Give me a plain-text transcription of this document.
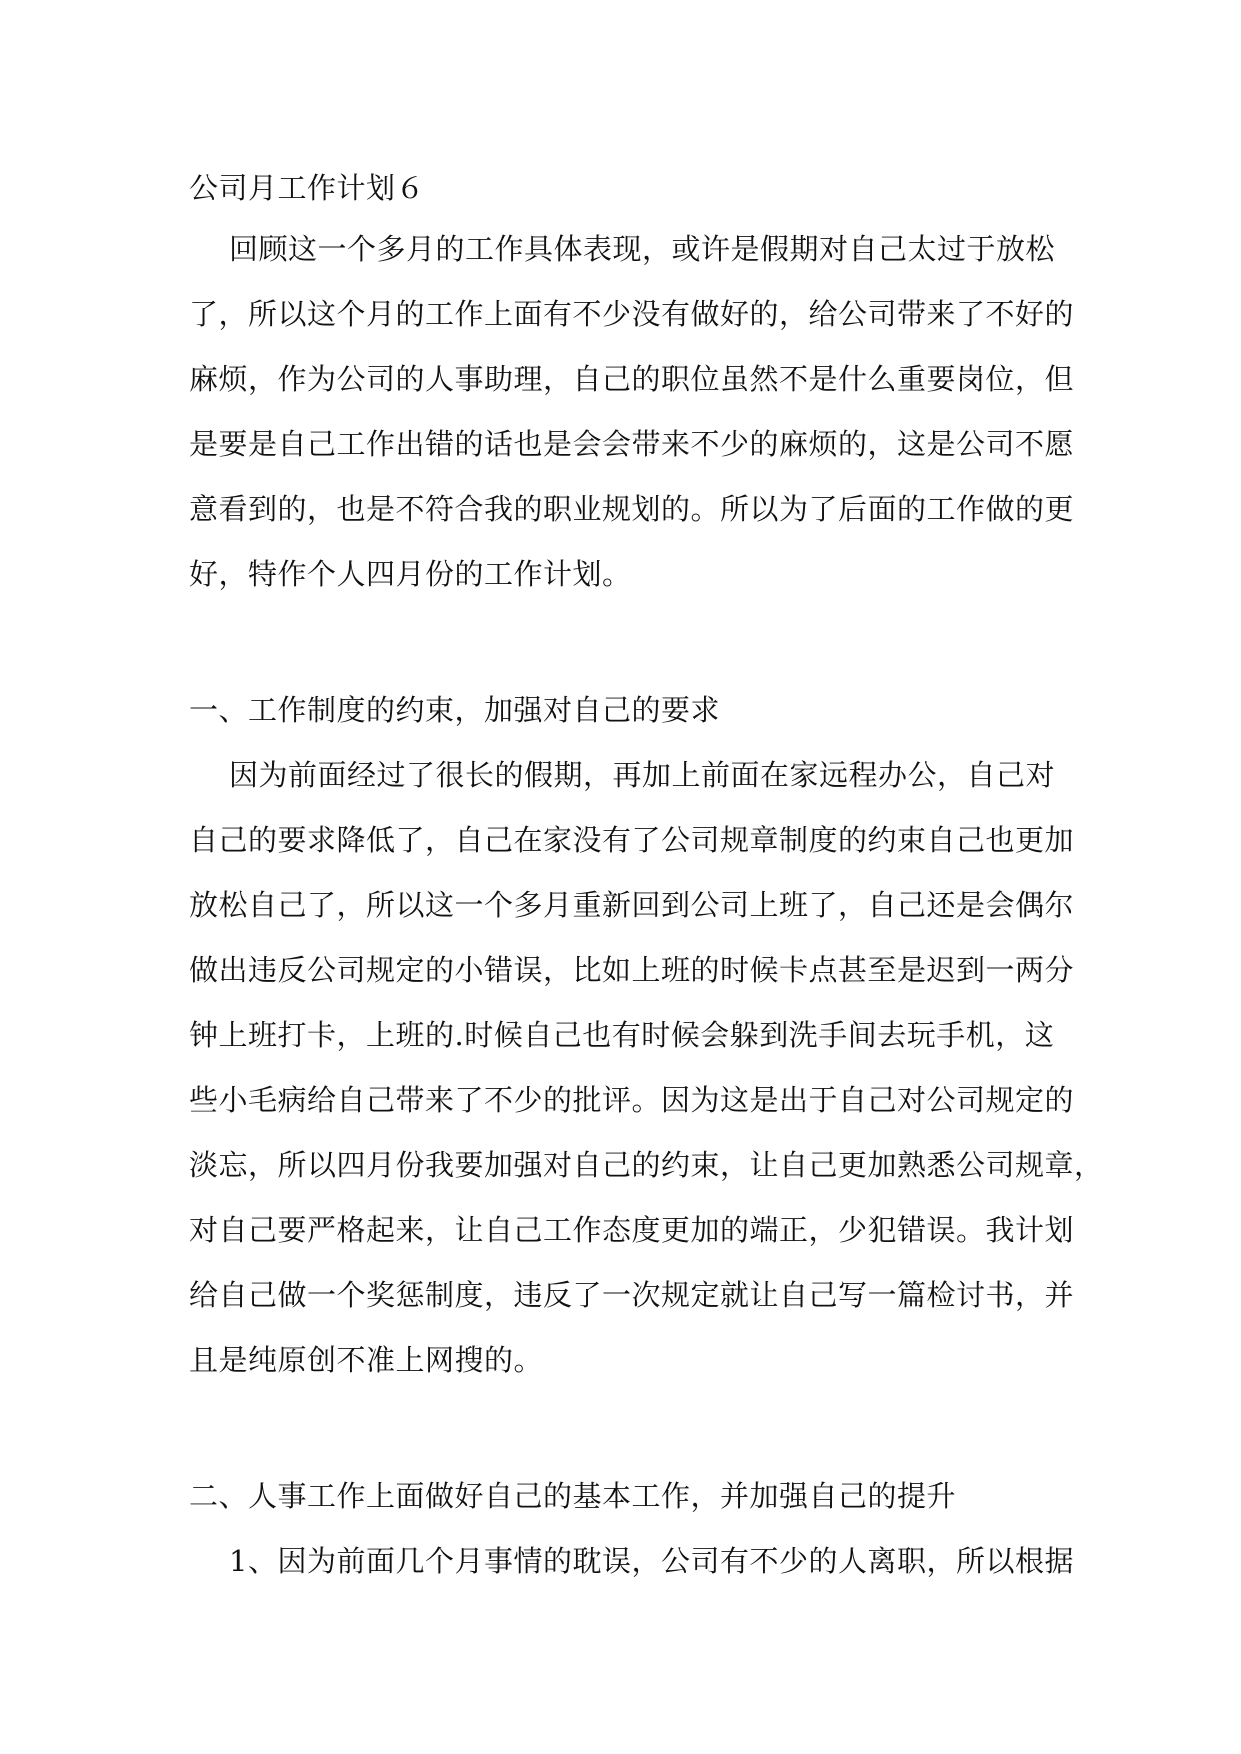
公司月工作计划６
回顾这一个多月的工作具体表现，或许是假期对自己太过于放松
了，所以这个月的工作上面有不少没有做好的，给公司带来了不好的
麻烦，作为公司的人事助理，自己的职位虽然不是什么重要岗位，但
是要是自己工作出错的话也是会会带来不少的麻烦的，这是公司不愿
意看到的，也是不符合我的职业规划的。所以为了后面的工作做的更
好，特作个人四月份的工作计划。
一、工作制度的约束，加强对自己的要求
因为前面经过了很长的假期，再加上前面在家远程办公，自己对
自己的要求降低了，自己在家没有了公司规章制度的约束自己也更加
放松自己了，所以这一个多月重新回到公司上班了，自己还是会偶尔
做出违反公司规定的小错误，比如上班的时候卡点甚至是迟到一两分
钟上班打卡，上班的.时候自己也有时候会躲到洗手间去玩手机，这
些小毛病给自己带来了不少的批评。因为这是出于自己对公司规定的
淡忘，所以四月份我要加强对自己的约束，让自己更加熟悉公司规章，
对自己要严格起来，让自己工作态度更加的端正，少犯错误。我计划
给自己做一个奖惩制度，违反了一次规定就让自己写一篇检讨书，并
且是纯原创不准上网搜的。
二、人事工作上面做好自己的基本工作，并加强自己的提升
1、因为前面几个月事情的耽误，公司有不少的人离职，所以根据
